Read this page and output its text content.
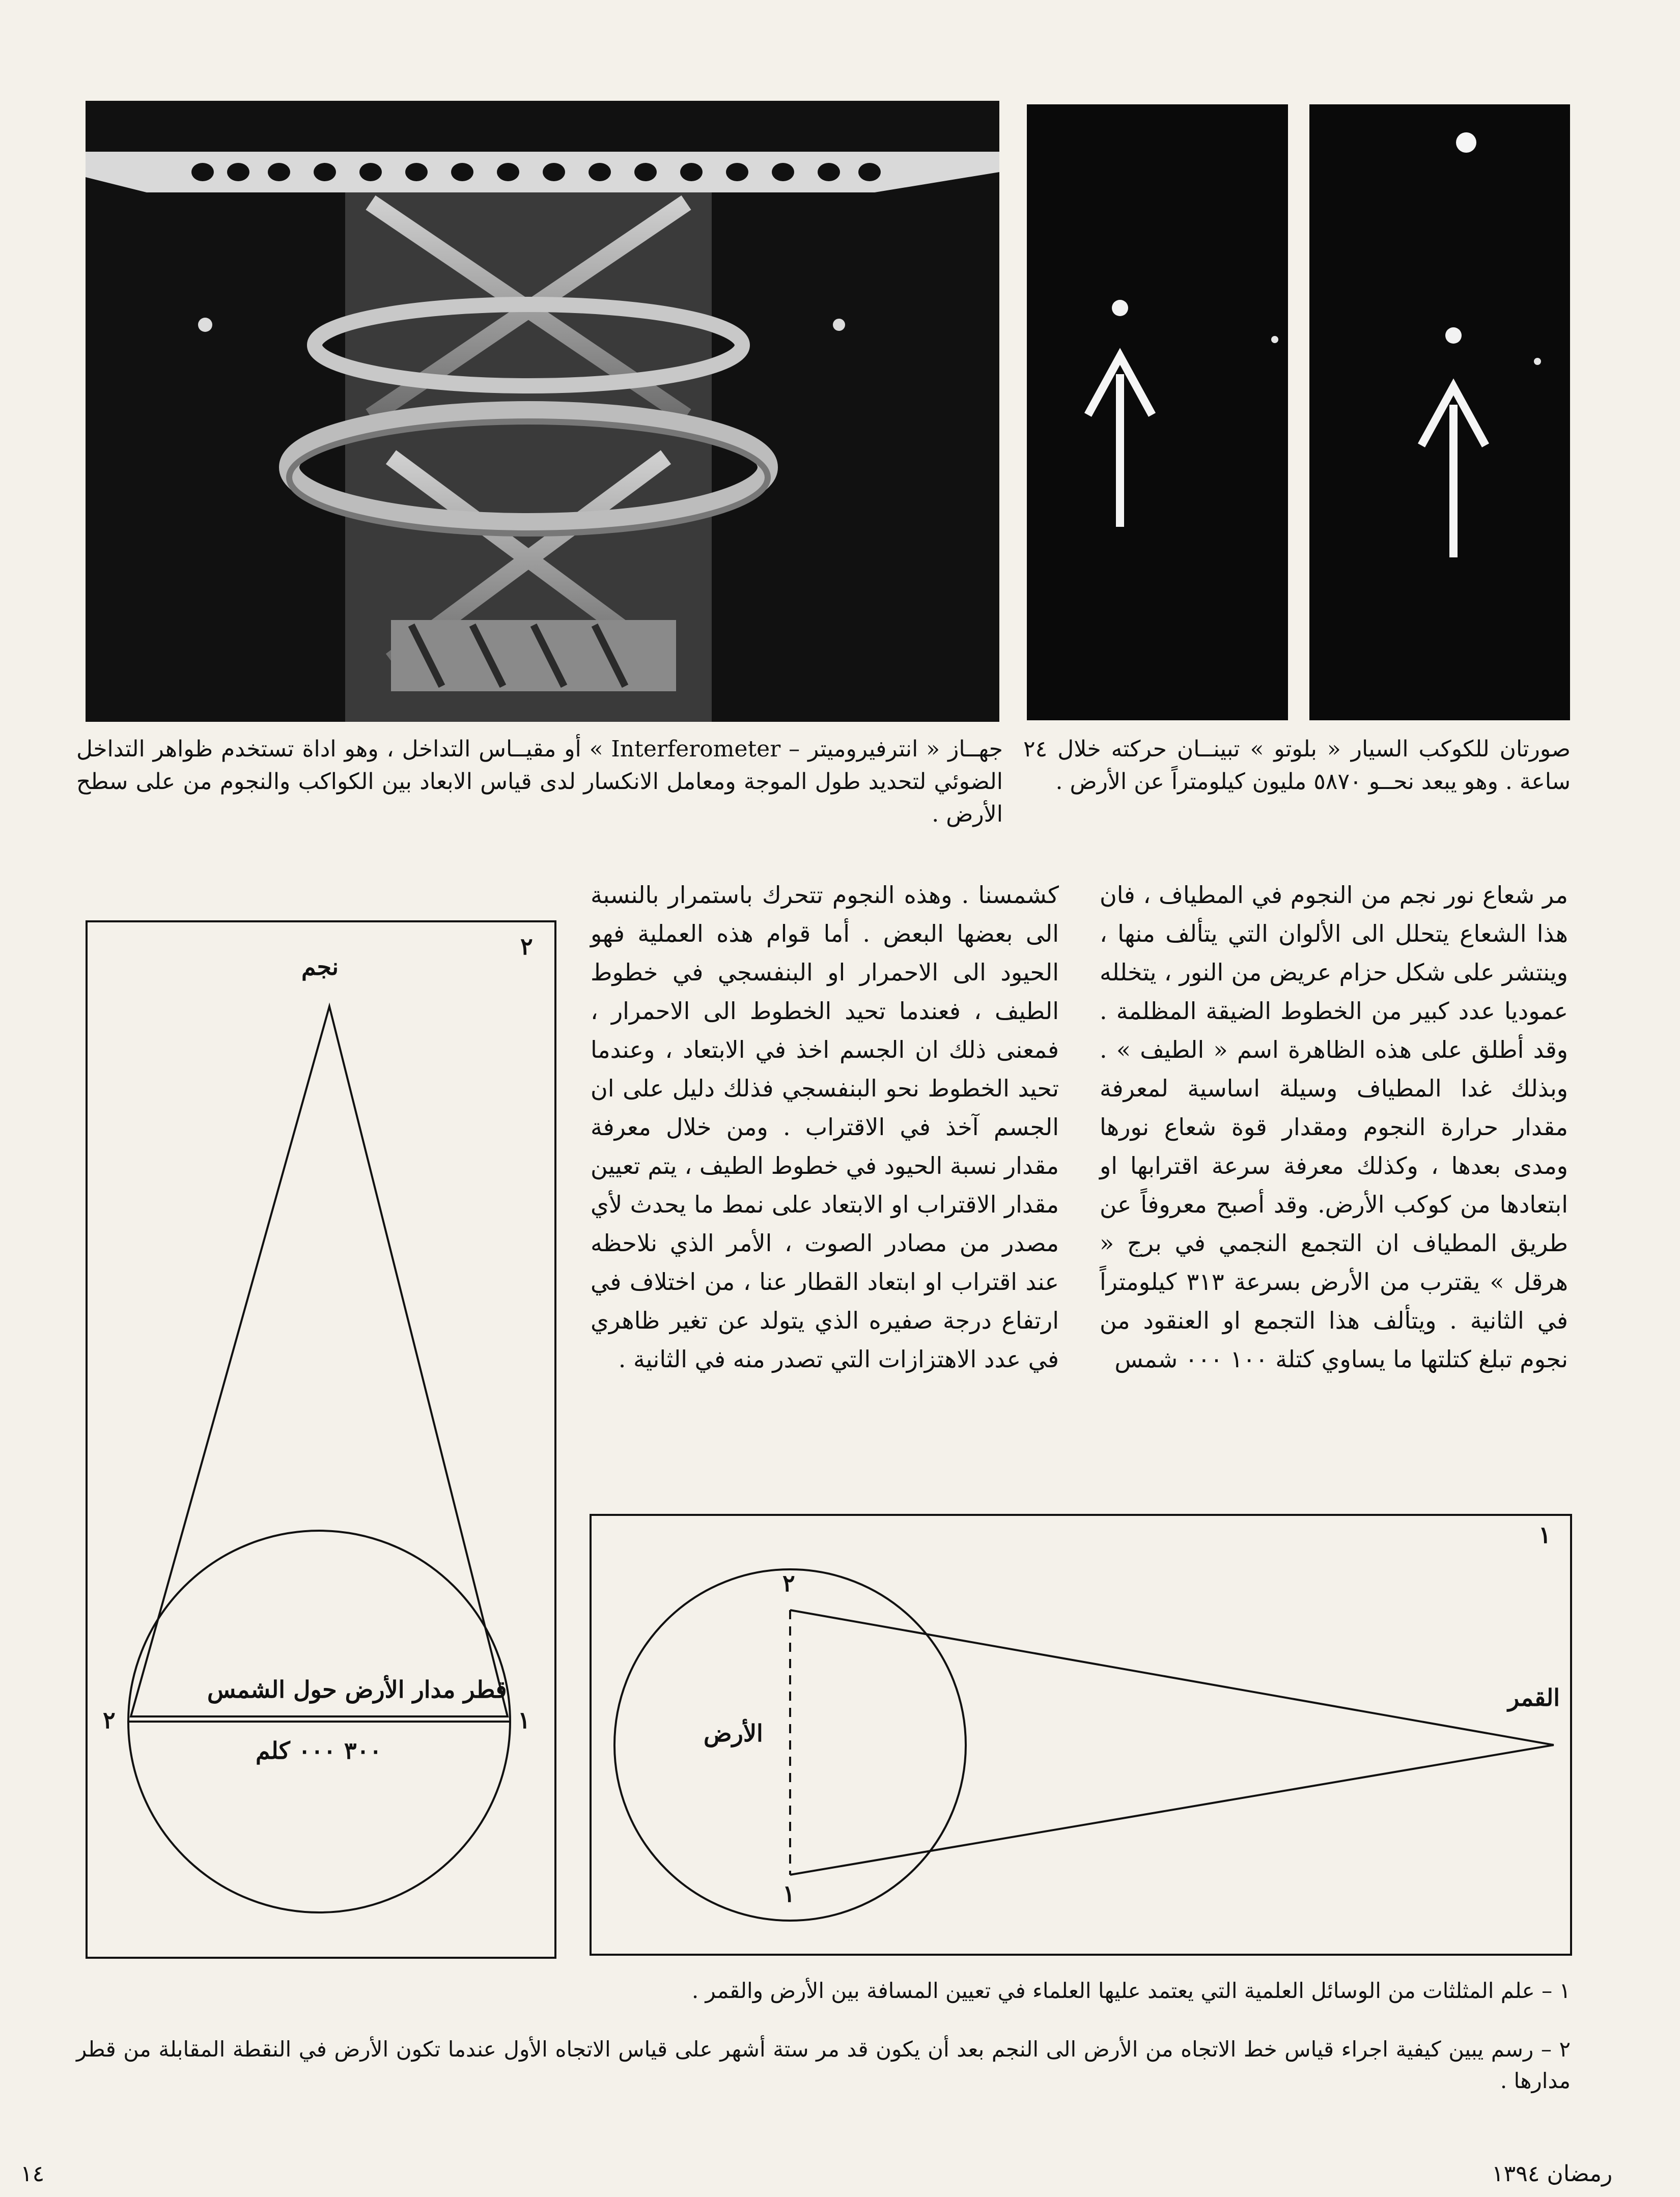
جهــاز « انترفيرومیتر – Interferometer » أو مقيــاس التداخل ، وهو اداة تستخدم ظواهر التداخل الضوئي لتحديد طول الموجة ومعامل الانكسار لدى قياس الابعاد بين الكواكب والنجوم من على سطح الأرض .
صورتان للكوكب السيار « بلوتو » تبينــان حركته خلال ٢٤ ساعة . وهو يبعد نحــو ٥٨٧٠ مليون كيلومتراً عن الأرض .
مر شعاع نور نجم من النجوم في المطياف ، فان هذا الشعاع يتحلل الى الألوان التي يتألف منها ، وينتشر على شكل حزام عريض من النور ، يتخلله عموديا عدد كبير من الخطوط الضيقة المظلمة . وقد أطلق على هذه الظاهرة اسم « الطيف » . وبذلك غدا المطياف وسيلة اساسية لمعرفة مقدار حرارة النجوم ومقدار قوة شعاع نورها ومدى بعدها ، وكذلك معرفة سرعة اقترابها او ابتعادها من كوكب الأرض. وقد أصبح معروفاً عن طريق المطياف ان التجمع النجمي في برج « هرقل » يقترب من الأرض بسرعة ٣١٣ كيلومتراً في الثانية . ويتألف هذا التجمع او العنقود من نجوم تبلغ كتلتها ما يساوي كتلة ١٠٠ ٠٠٠ شمس
كشمسنا . وهذه النجوم تتحرك باستمرار بالنسبة الى بعضها البعض . أما قوام هذه العملية فهو الحيود الى الاحمرار او البنفسجي في خطوط الطيف ، فعندما تحيد الخطوط الى الاحمرار ، فمعنى ذلك ان الجسم اخذ في الابتعاد ، وعندما تحيد الخطوط نحو البنفسجي فذلك دليل على ان الجسم آخذ في الاقتراب . ومن خلال معرفة مقدار نسبة الحيود في خطوط الطيف ، يتم تعيين مقدار الاقتراب او الابتعاد على نمط ما يحدث لأي مصدر من مصادر الصوت ، الأمر الذي نلاحظه عند اقتراب او ابتعاد القطار عنا ، من اختلاف في ارتفاع درجة صفيره الذي يتولد عن تغير ظاهري في عدد الاهتزازات التي تصدر منه في الثانية .
٢
نجم
قطر مدار الأرض حول الشمس
٣٠٠ ٠٠٠ كلم
٢	١
١
٢
١
الأرض
القمر
١ – علم المثلثات من الوسائل العلمية التي يعتمد عليها العلماء في تعيين المسافة بين الأرض والقمر .
٢ – رسم يبين كيفية اجراء قياس خط الاتجاه من الأرض الى النجم بعد أن يكون قد مر ستة أشهر على قياس الاتجاه الأول عندما تكون الأرض في النقطة المقابلة من قطر مدارها .
١٤	رمضان ١٣٩٤
